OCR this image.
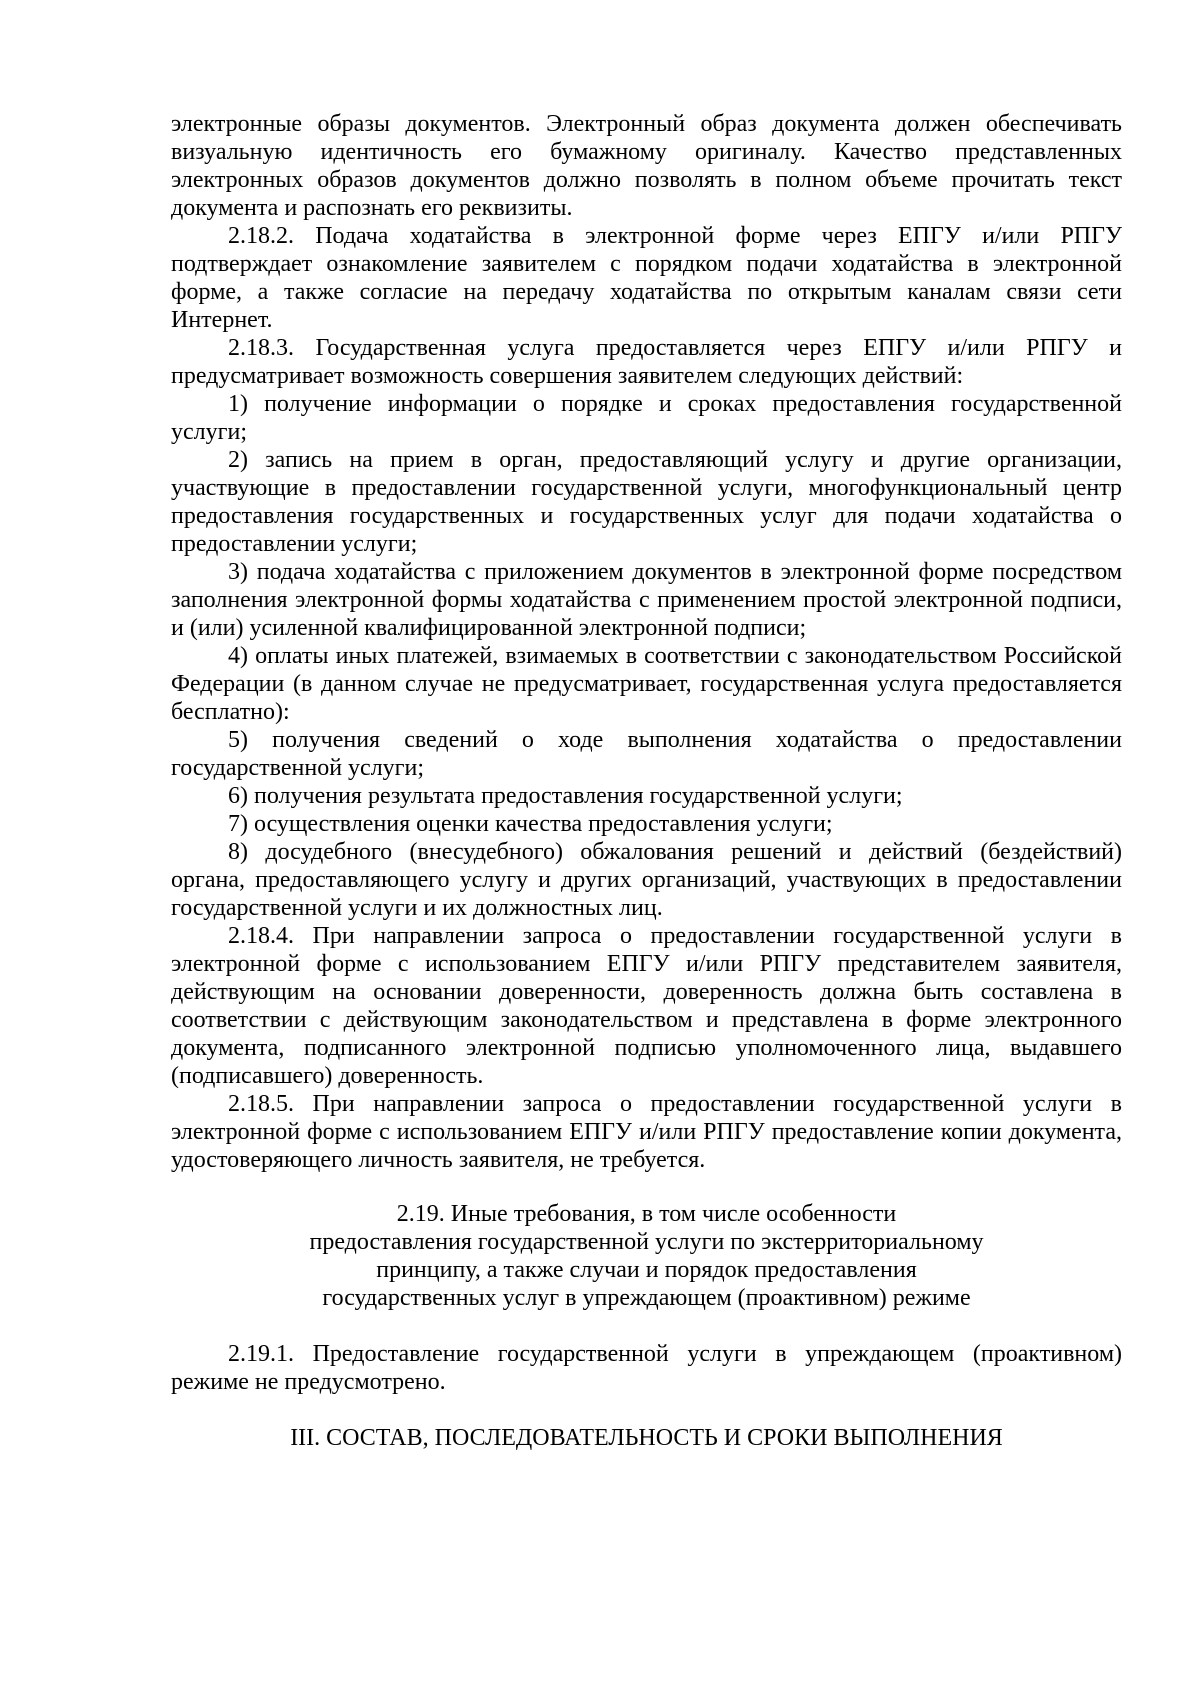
электронные образы документов. Электронный образ документа должен обеспечивать визуальную идентичность его бумажному оригиналу. Качество представленных электронных образов документов должно позволять в полном объеме прочитать текст документа и распознать его реквизиты.

2.18.2. Подача ходатайства в электронной форме через ЕПГУ и/или РПГУ подтверждает ознакомление заявителем с порядком подачи ходатайства в электронной форме, а также согласие на передачу ходатайства по открытым каналам связи сети Интернет.

2.18.3. Государственная услуга предоставляется через ЕПГУ и/или РПГУ и предусматривает возможность совершения заявителем следующих действий:

1) получение информации о порядке и сроках предоставления государственной услуги;

2) запись на прием в орган, предоставляющий услугу и другие организации, участвующие в предоставлении государственной услуги, многофункциональный центр предоставления государственных и государственных услуг для подачи ходатайства о предоставлении услуги;

3) подача ходатайства с приложением документов в электронной форме посредством заполнения электронной формы ходатайства с применением простой электронной подписи, и (или) усиленной квалифицированной электронной подписи;

4) оплаты иных платежей, взимаемых в соответствии с законодательством Российской Федерации (в данном случае не предусматривает, государственная услуга предоставляется бесплатно):

5) получения сведений о ходе выполнения ходатайства о предоставлении государственной услуги;

6) получения результата предоставления государственной услуги;

7) осуществления оценки качества предоставления услуги;

8) досудебного (внесудебного) обжалования решений и действий (бездействий) органа, предоставляющего услугу и других организаций, участвующих в предоставлении государственной услуги и их должностных лиц.

2.18.4. При направлении запроса о предоставлении государственной услуги в электронной форме с использованием ЕПГУ и/или РПГУ представителем заявителя, действующим на основании доверенности, доверенность должна быть составлена в соответствии с действующим законодательством и представлена в форме электронного документа, подписанного электронной подписью уполномоченного лица, выдавшего (подписавшего) доверенность.

2.18.5. При направлении запроса о предоставлении государственной услуги в электронной форме с использованием ЕПГУ и/или РПГУ предоставление копии документа, удостоверяющего личность заявителя, не требуется.

2.19. Иные требования, в том числе особенности
предоставления государственной услуги по экстерриториальному
принципу, а также случаи и порядок предоставления
государственных услуг в упреждающем (проактивном) режиме

2.19.1. Предоставление государственной услуги в упреждающем (проактивном) режиме не предусмотрено.

III. СОСТАВ, ПОСЛЕДОВАТЕЛЬНОСТЬ И СРОКИ ВЫПОЛНЕНИЯ
